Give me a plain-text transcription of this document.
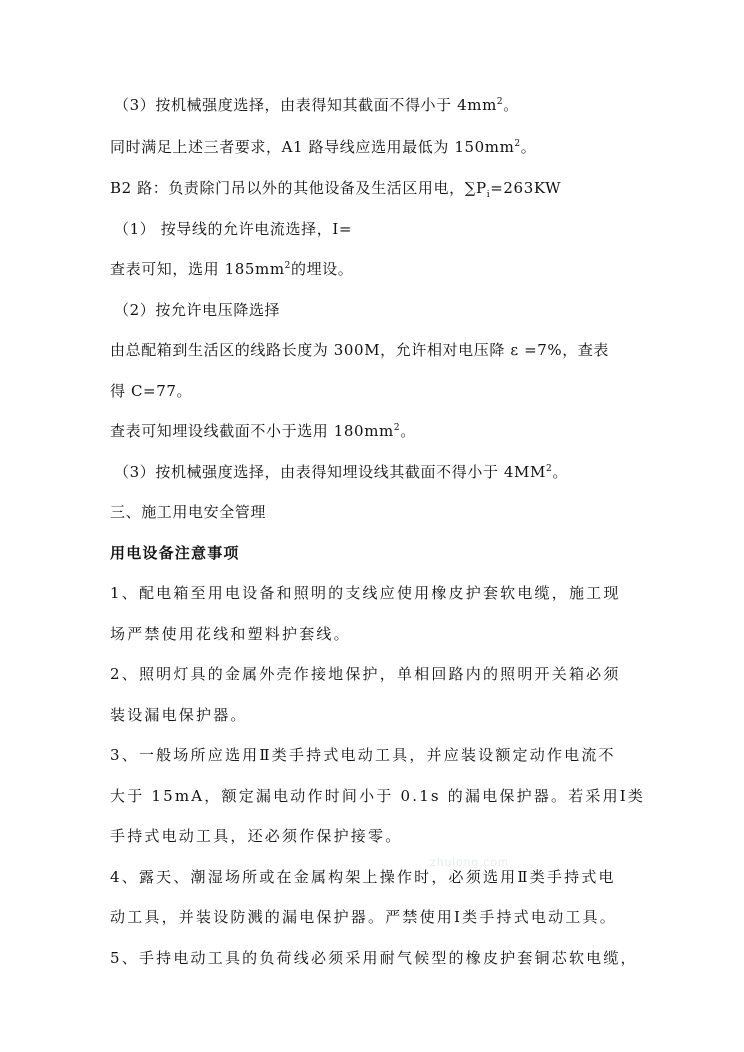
（3）按机械强度选择，由表得知其截面不得小于 $4mm^2$。
同时满足上述三者要求，A1 路导线应选用最低为 $150mm^2$。
B2 路：负责除门吊以外的其他设备及生活区用电，$\sum P_i=263KW$
（1） 按导线的允许电流选择，I=
查表可知，选用 $185mm^2$的埋设。
（2）按允许电压降选择
由总配箱到生活区的线路长度为 300M，允许相对电压降 ε =7%，查表
得 C=77。
查表可知埋设线截面不小于选用 $180mm^2$。
（3）按机械强度选择，由表得知埋设线其截面不得小于 $4MM^2$。
三、施工用电安全管理
用电设备注意事项
1、配电箱至用电设备和照明的支线应使用橡皮护套软电缆，施工现
场严禁使用花线和塑料护套线。
2、照明灯具的金属外壳作接地保护，单相回路内的照明开关箱必须
装设漏电保护器。
3、一般场所应选用Ⅱ类手持式电动工具，并应装设额定动作电流不
大于 15mA，额定漏电动作时间小于 0.1s 的漏电保护器。若采用Ⅰ类
手持式电动工具，还必须作保护接零。
4、露天、潮湿场所或在金属构架上操作时，必须选用Ⅱ类手持式电
动工具，并装设防溅的漏电保护器。严禁使用Ⅰ类手持式电动工具。
5、手持电动工具的负荷线必须采用耐气候型的橡皮护套铜芯软电缆，
zhulong.com
